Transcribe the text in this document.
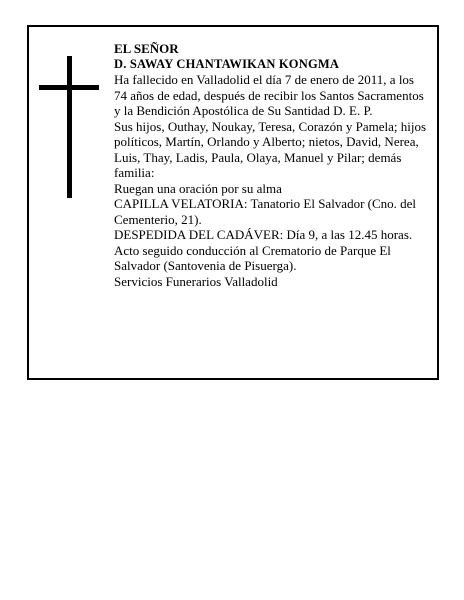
EL SEÑOR

D. SAWAY CHANTAWIKAN KONGMA

Ha fallecido en Valladolid el día 7 de enero de 2011, a los 74 años de edad, después de recibir los Santos Sacramentos y la Bendición Apostólica de Su Santidad D. E. P.

Sus hijos, Outhay, Noukay, Teresa, Corazón y Pamela; hijos políticos, Martín, Orlando y Alberto; nietos, David, Nerea, Luis, Thay, Ladis, Paula, Olaya, Manuel y Pilar; demás familia:

Ruegan una oración por su alma

CAPILLA VELATORIA: Tanatorio El Salvador (Cno. del Cementerio, 21).

DESPEDIDA DEL CADÁVER: Día 9, a las 12.45 horas. Acto seguido conducción al Crematorio de Parque El Salvador (Santovenia de Pisuerga).

Servicios Funerarios Valladolid
